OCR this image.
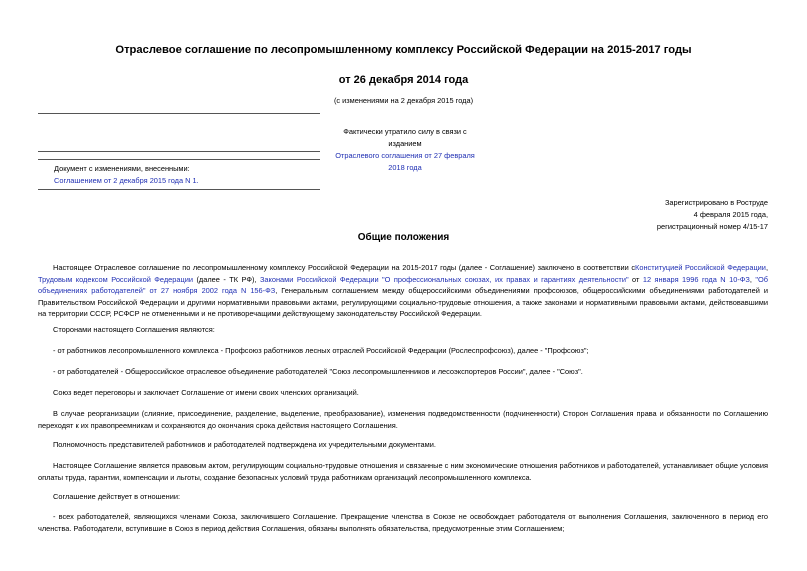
Отраслевое соглашение по лесопромышленному комплексу Российской Федерации на 2015-2017 годы
от 26 декабря 2014 года
(с изменениями на 2 декабря 2015 года)
Фактически утратило силу в связи с изданием
Отраслевого соглашения от 27 февраля 2018 года
Документ с изменениями, внесенными:
Соглашением от 2 декабря 2015 года N 1.
Зарегистрировано в Роструде
4 февраля 2015 года,
регистрационный номер 4/15-17
Общие положения
Настоящее Отраслевое соглашение по лесопромышленному комплексу Российской Федерации на 2015-2017 годы (далее - Соглашение) заключено в соответствии сКонституцией Российской Федерации, Трудовым кодексом Российской Федерации (далее - ТК РФ), Законами Российской Федерации "О профессиональных союзах, их правах и гарантиях деятельности" от 12 января 1996 года N 10-ФЗ, "Об объединениях работодателей" от 27 ноября 2002 года N 156-ФЗ, Генеральным соглашением между общероссийскими объединениями профсоюзов, общероссийскими объединениями работодателей и Правительством Российской Федерации и другими нормативными правовыми актами, регулирующими социально-трудовые отношения, а также законами и нормативными правовыми актами, действовавшими на территории СССР, РСФСР не отмененными и не противоречащими действующему законодательству Российской Федерации.
Сторонами настоящего Соглашения являются:
- от работников лесопромышленного комплекса - Профсоюз работников лесных отраслей Российской Федерации (Рослеспрофсоюз), далее - "Профсоюз";
- от работодателей - Общероссийское отраслевое объединение работодателей "Союз лесопромышленников и лесоэкспортеров России", далее - "Союз".
Союз ведет переговоры и заключает Соглашение от имени своих членских организаций.
В случае реорганизации (слияние, присоединение, разделение, выделение, преобразование), изменения подведомственности (подчиненности) Сторон Соглашения права и обязанности по Соглашению переходят к их правопреемникам и сохраняются до окончания срока действия настоящего Соглашения.
Полномочность представителей работников и работодателей подтверждена их учредительными документами.
Настоящее Соглашение является правовым актом, регулирующим социально-трудовые отношения и связанные с ним экономические отношения работников и работодателей, устанавливает общие условия оплаты труда, гарантии, компенсации и льготы, создание безопасных условий труда работникам организаций лесопромышленного комплекса.
Соглашение действует в отношении:
- всех работодателей, являющихся членами Союза, заключившего Соглашение. Прекращение членства в Союзе не освобождает работодателя от выполнения Соглашения, заключенного в период его членства. Работодатели, вступившие в Союз в период действия Соглашения, обязаны выполнять обязательства, предусмотренные этим Соглашением;
